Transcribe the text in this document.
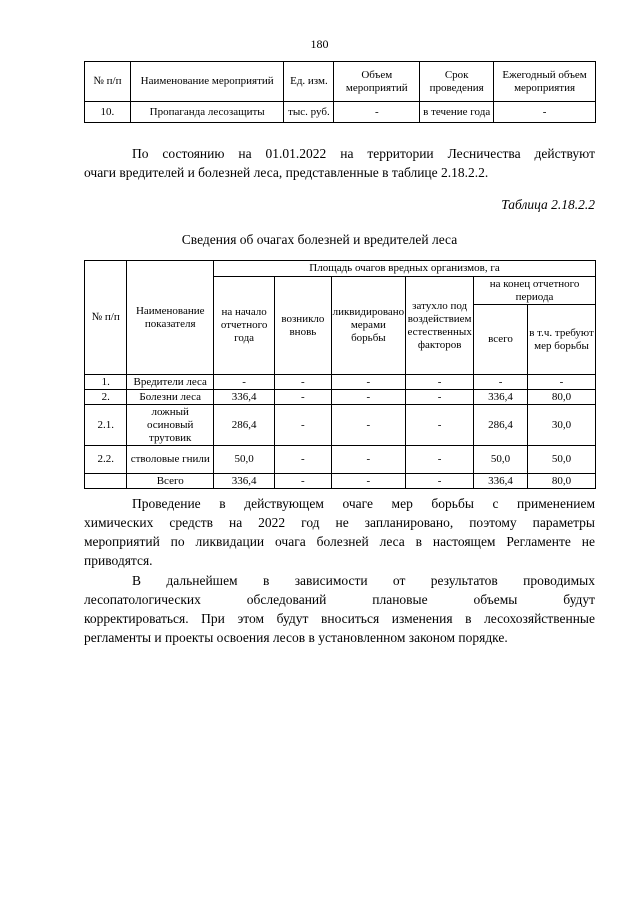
180
№ п/п	Наименование мероприятий	Ед. изм.	Объем мероприятий	Срок проведения	Ежегодный объем мероприятия
10.	Пропаганда лесозащиты	тыс. руб.	-	в течение года	-

По состоянию на 01.01.2022 на территории Лесничества действуют

очаги вредителей и болезней леса, представленные в таблице 2.18.2.2.

Таблица 2.18.2.2
Сведения об очагах болезней и вредителей леса
№ п/п	Наименование показателя	Площадь очагов вредных организмов, га					
		на начало отчетного года	возникло вновь	ликвидировано мерами борьбы	затухло под воздействием естественных факторов	на конец отчетного периода	
						всего	в т.ч. требуют мер борьбы
1.	Вредители леса	-	-	-	-	-	-
2.	Болезни леса	336,4	-	-	-	336,4	80,0
2.1.	ложный осиновый трутовик	286,4	-	-	-	286,4	30,0
2.2.	стволовые гнили	50,0	-	-	-	50,0	50,0
	Всего	336,4	-	-	-	336,4	80,0

Проведение в действующем очаге мер борьбы с применением

химических средств на 2022 год не запланировано, поэтому параметры

мероприятий по ликвидации очага болезней леса в настоящем Регламенте не

приводятся.

В дальнейшем в зависимости от результатов проводимых

лесопатологических обследований плановые объемы будут

корректироваться. При этом будут вноситься изменения в лесохозяйственные

регламенты и проекты освоения лесов в установленном законом порядке.
